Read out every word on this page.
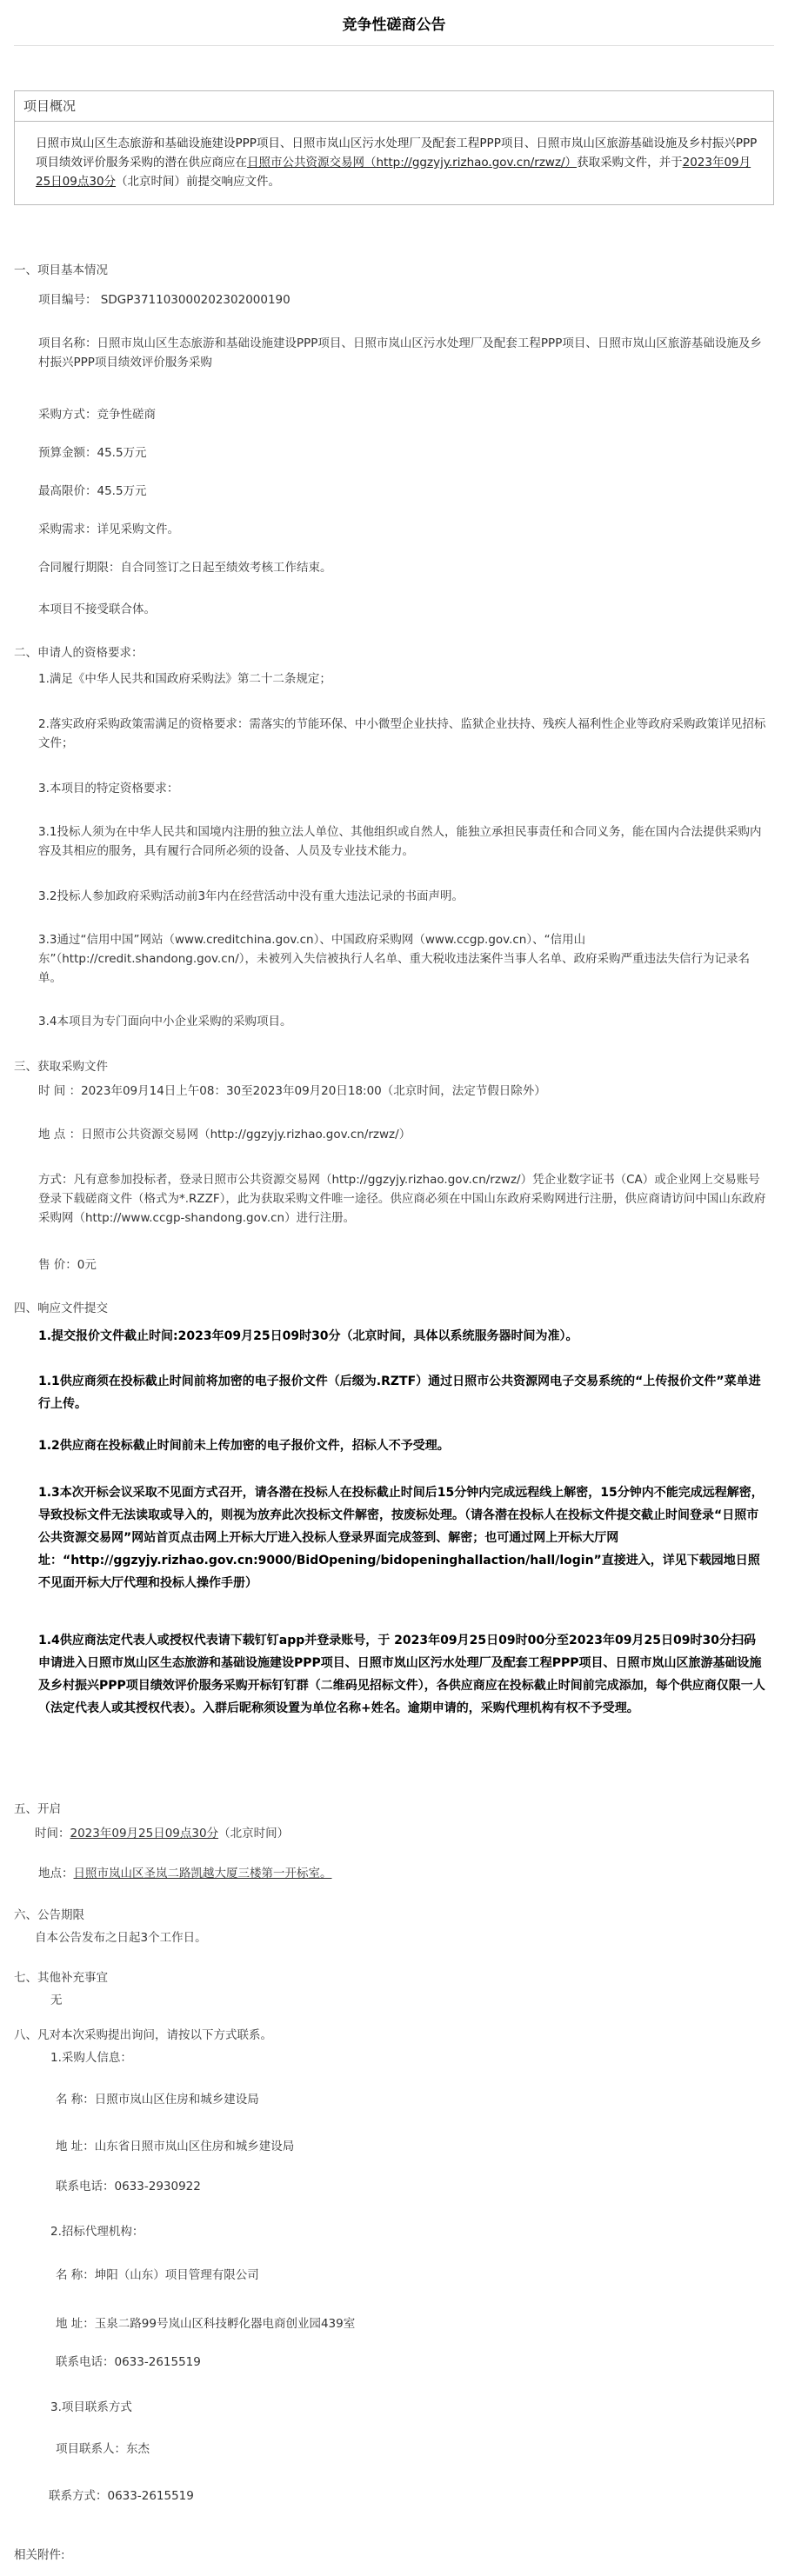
竞争性磋商公告
项目概况
日照市岚山区生态旅游和基础设施建设PPP项目、日照市岚山区污水处理厂及配套工程PPP项目、日照市岚山区旅游基础设施及乡村振兴PPP项目绩效评价服务采购的潜在供应商应在日照市公共资源交易网（http://ggzyjy.rizhao.gov.cn/rzwz/）获取采购文件，并于2023年09月25日09点30分（北京时间）前提交响应文件。
一、项目基本情况
项目编号： SDGP371103000202302000190
项目名称：日照市岚山区生态旅游和基础设施建设PPP项目、日照市岚山区污水处理厂及配套工程PPP项目、日照市岚山区旅游基础设施及乡村振兴PPP项目绩效评价服务采购
采购方式：竞争性磋商
预算金额：45.5万元
最高限价：45.5万元
采购需求：详见采购文件。
合同履行期限：自合同签订之日起至绩效考核工作结束。
本项目不接受联合体。
二、申请人的资格要求：
1.满足《中华人民共和国政府采购法》第二十二条规定；
2.落实政府采购政策需满足的资格要求：需落实的节能环保、中小微型企业扶持、监狱企业扶持、残疾人福利性企业等政府采购政策详见招标文件；
3.本项目的特定资格要求：
3.1投标人须为在中华人民共和国境内注册的独立法人单位、其他组织或自然人，能独立承担民事责任和合同义务，能在国内合法提供采购内容及其相应的服务，具有履行合同所必须的设备、人员及专业技术能力。
3.2投标人参加政府采购活动前3年内在经营活动中没有重大违法记录的书面声明。
3.3通过“信用中国”网站（www.creditchina.gov.cn）、中国政府采购网（www.ccgp.gov.cn）、“信用山东”（http://credit.shandong.gov.cn/），未被列入失信被执行人名单、重大税收违法案件当事人名单、政府采购严重违法失信行为记录名单。
3.4本项目为专门面向中小企业采购的采购项目。
三、获取采购文件
时 间 ：2023年09月14日上午08：30至2023年09月20日18:00（北京时间，法定节假日除外）
地 点 ：日照市公共资源交易网（http://ggzyjy.rizhao.gov.cn/rzwz/）
方式：凡有意参加投标者，登录日照市公共资源交易网（http://ggzyjy.rizhao.gov.cn/rzwz/）凭企业数字证书（CA）或企业网上交易账号登录下载磋商文件（格式为*.RZZF），此为获取采购文件唯一途径。供应商必须在中国山东政府采购网进行注册，供应商请访问中国山东政府采购网（http://www.ccgp-shandong.gov.cn）进行注册。
售 价：0元
四、响应文件提交
1.提交报价文件截止时间:2023年09月25日09时30分（北京时间，具体以系统服务器时间为准）。
1.1供应商须在投标截止时间前将加密的电子报价文件（后缀为.RZTF）通过日照市公共资源网电子交易系统的“上传报价文件”菜单进行上传。
1.2供应商在投标截止时间前未上传加密的电子报价文件，招标人不予受理。
1.3本次开标会议采取不见面方式召开，请各潜在投标人在投标截止时间后15分钟内完成远程线上解密，15分钟内不能完成远程解密，导致投标文件无法读取或导入的，则视为放弃此次投标文件解密，按废标处理。（请各潜在投标人在投标文件提交截止时间登录“日照市公共资源交易网”网站首页点击网上开标大厅进入投标人登录界面完成签到、解密；也可通过网上开标大厅网址：“http://ggzyjy.rizhao.gov.cn:9000/BidOpening/bidopeninghallaction/hall/login”直接进入，详见下载园地日照不见面开标大厅代理和投标人操作手册）
1.4供应商法定代表人或授权代表请下载钉钉app并登录账号，于 2023年09月25日09时00分至2023年09月25日09时30分扫码申请进入日照市岚山区生态旅游和基础设施建设PPP项目、日照市岚山区污水处理厂及配套工程PPP项目、日照市岚山区旅游基础设施及乡村振兴PPP项目绩效评价服务采购开标钉钉群（二维码见招标文件），各供应商应在投标截止时间前完成添加，每个供应商仅限一人（法定代表人或其授权代表）。入群后昵称须设置为单位名称+姓名。逾期申请的，采购代理机构有权不予受理。
五、开启
时间：2023年09月25日09点30分（北京时间）
地点：日照市岚山区圣岚二路凯越大厦三楼第一开标室。
六、公告期限
自本公告发布之日起3个工作日。
七、其他补充事宜
无
八、凡对本次采购提出询问，请按以下方式联系。
1.采购人信息：
名 称：日照市岚山区住房和城乡建设局
地 址：山东省日照市岚山区住房和城乡建设局
联系电话：0633-2930922
2.招标代理机构：
名 称：坤阳（山东）项目管理有限公司
地 址：玉泉二路99号岚山区科技孵化器电商创业园439室
联系电话：0633-2615519
3.项目联系方式
项目联系人：东杰
联系方式：0633-2615519
相关附件:
